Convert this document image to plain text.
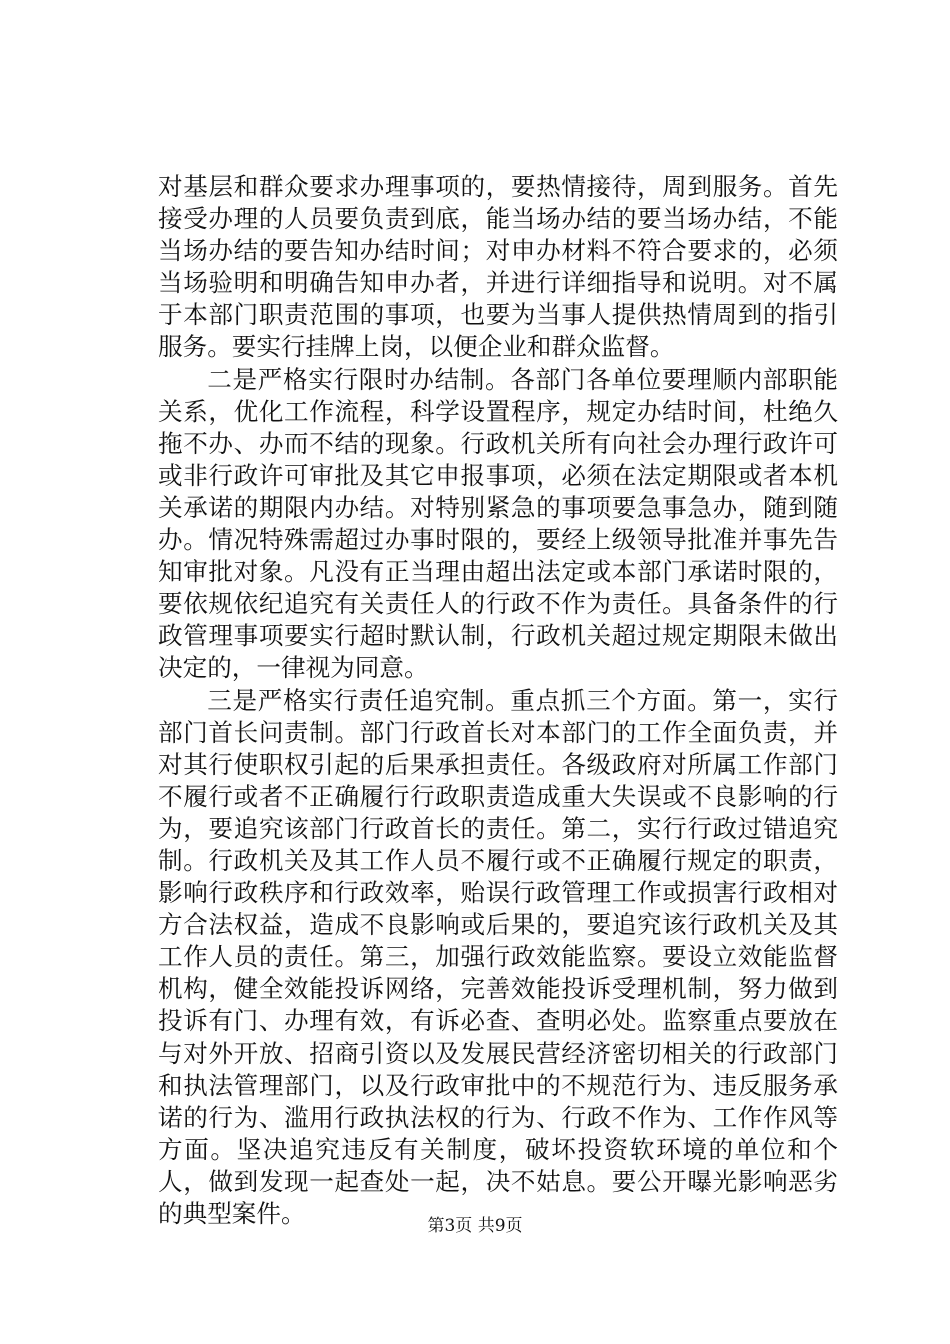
对基层和群众要求办理事项的，要热情接待，周到服务。首先接受办理的人员要负责到底，能当场办结的要当场办结，不能当场办结的要告知办结时间；对申办材料不符合要求的，必须当场验明和明确告知申办者，并进行详细指导和说明。对不属于本部门职责范围的事项，也要为当事人提供热情周到的指引服务。要实行挂牌上岗，以便企业和群众监督。

二是严格实行限时办结制。各部门各单位要理顺内部职能关系，优化工作流程，科学设置程序，规定办结时间，杜绝久拖不办、办而不结的现象。行政机关所有向社会办理行政许可或非行政许可审批及其它申报事项，必须在法定期限或者本机关承诺的期限内办结。对特别紧急的事项要急事急办，随到随办。情况特殊需超过办事时限的，要经上级领导批准并事先告知审批对象。凡没有正当理由超出法定或本部门承诺时限的，要依规依纪追究有关责任人的行政不作为责任。具备条件的行政管理事项要实行超时默认制，行政机关超过规定期限未做出决定的，一律视为同意。

三是严格实行责任追究制。重点抓三个方面。第一，实行部门首长问责制。部门行政首长对本部门的工作全面负责，并对其行使职权引起的后果承担责任。各级政府对所属工作部门不履行或者不正确履行行政职责造成重大失误或不良影响的行为，要追究该部门行政首长的责任。第二，实行行政过错追究制。行政机关及其工作人员不履行或不正确履行规定的职责，影响行政秩序和行政效率，贻误行政管理工作或损害行政相对方合法权益，造成不良影响或后果的，要追究该行政机关及其工作人员的责任。第三，加强行政效能监察。要设立效能监督机构，健全效能投诉网络，完善效能投诉受理机制，努力做到投诉有门、办理有效，有诉必查、查明必处。监察重点要放在与对外开放、招商引资以及发展民营经济密切相关的行政部门和执法管理部门，以及行政审批中的不规范行为、违反服务承诺的行为、滥用行政执法权的行为、行政不作为、工作作风等方面。坚决追究违反有关制度，破坏投资软环境的单位和个人，做到发现一起查处一起，决不姑息。要公开曝光影响恶劣的典型案件。	第3页 共9页
